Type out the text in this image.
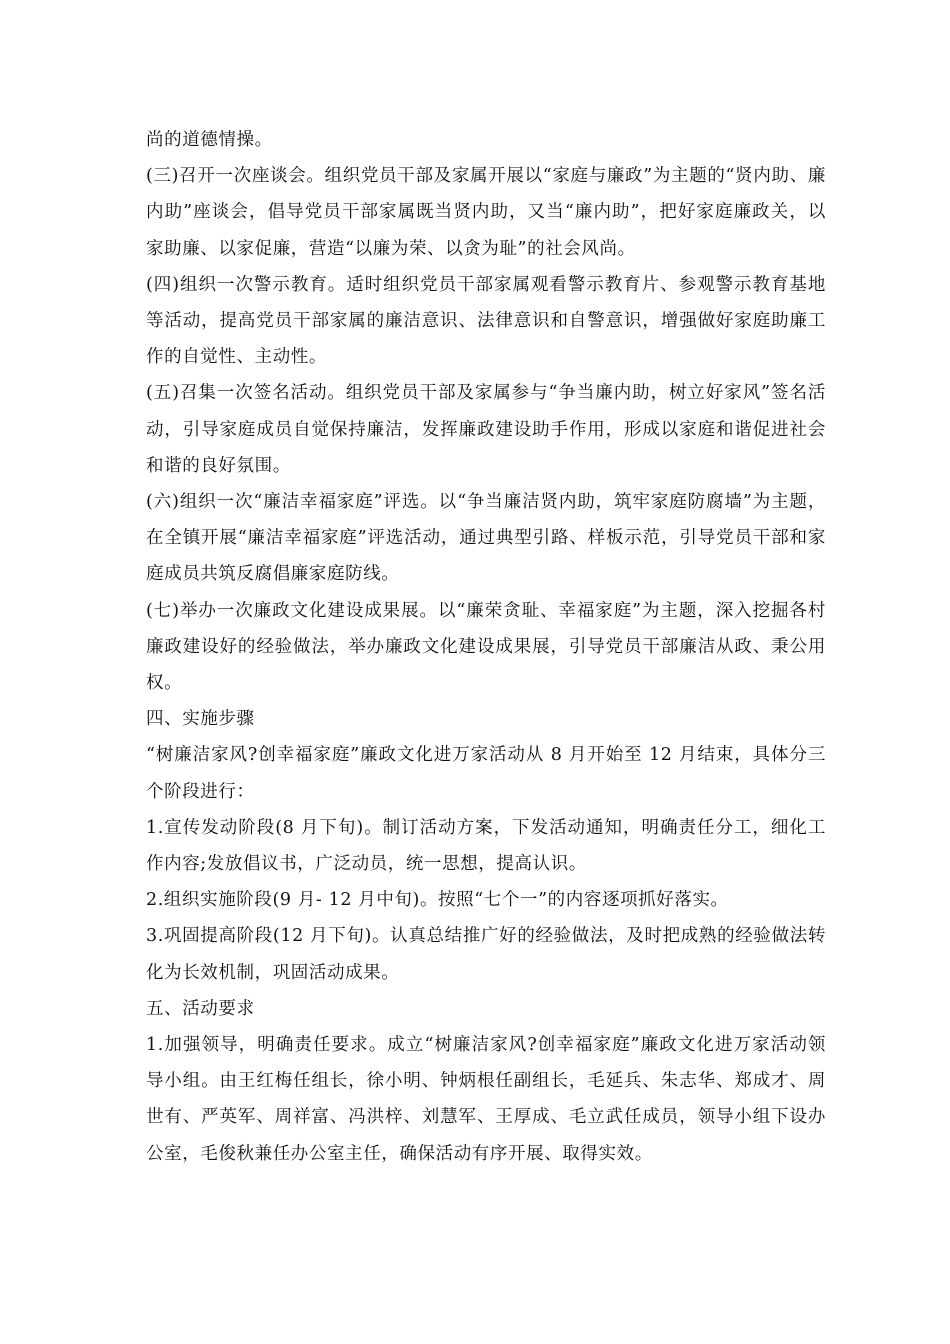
尚的道德情操。

(三)召开一次座谈会。组织党员干部及家属开展以“家庭与廉政”为主题的“贤内助、廉内助”座谈会，倡导党员干部家属既当贤内助，又当“廉内助”，把好家庭廉政关，以家助廉、以家促廉，营造“以廉为荣、以贪为耻”的社会风尚。

(四)组织一次警示教育。适时组织党员干部家属观看警示教育片、参观警示教育基地等活动，提高党员干部家属的廉洁意识、法律意识和自警意识，增强做好家庭助廉工作的自觉性、主动性。

(五)召集一次签名活动。组织党员干部及家属参与“争当廉内助，树立好家风”签名活动，引导家庭成员自觉保持廉洁，发挥廉政建设助手作用，形成以家庭和谐促进社会和谐的良好氛围。

(六)组织一次“廉洁幸福家庭”评选。以“争当廉洁贤内助，筑牢家庭防腐墙”为主题，在全镇开展“廉洁幸福家庭”评选活动，通过典型引路、样板示范，引导党员干部和家庭成员共筑反腐倡廉家庭防线。

(七)举办一次廉政文化建设成果展。以“廉荣贪耻、幸福家庭”为主题，深入挖掘各村廉政建设好的经验做法，举办廉政文化建设成果展，引导党员干部廉洁从政、秉公用权。

四、实施步骤

“树廉洁家风?创幸福家庭”廉政文化进万家活动从 8 月开始至 12 月结束，具体分三个阶段进行：

1.宣传发动阶段(8 月下旬)。制订活动方案，下发活动通知，明确责任分工，细化工作内容;发放倡议书，广泛动员，统一思想，提高认识。

2.组织实施阶段(9 月- 12 月中旬)。按照“七个一”的内容逐项抓好落实。

3.巩固提高阶段(12 月下旬)。认真总结推广好的经验做法，及时把成熟的经验做法转化为长效机制，巩固活动成果。

五、活动要求

1.加强领导，明确责任要求。成立“树廉洁家风?创幸福家庭”廉政文化进万家活动领导小组。由王红梅任组长，徐小明、钟炳根任副组长，毛延兵、朱志华、郑成才、周世有、严英军、周祥富、冯洪梓、刘慧军、王厚成、毛立武任成员，领导小组下设办公室，毛俊秋兼任办公室主任，确保活动有序开展、取得实效。
